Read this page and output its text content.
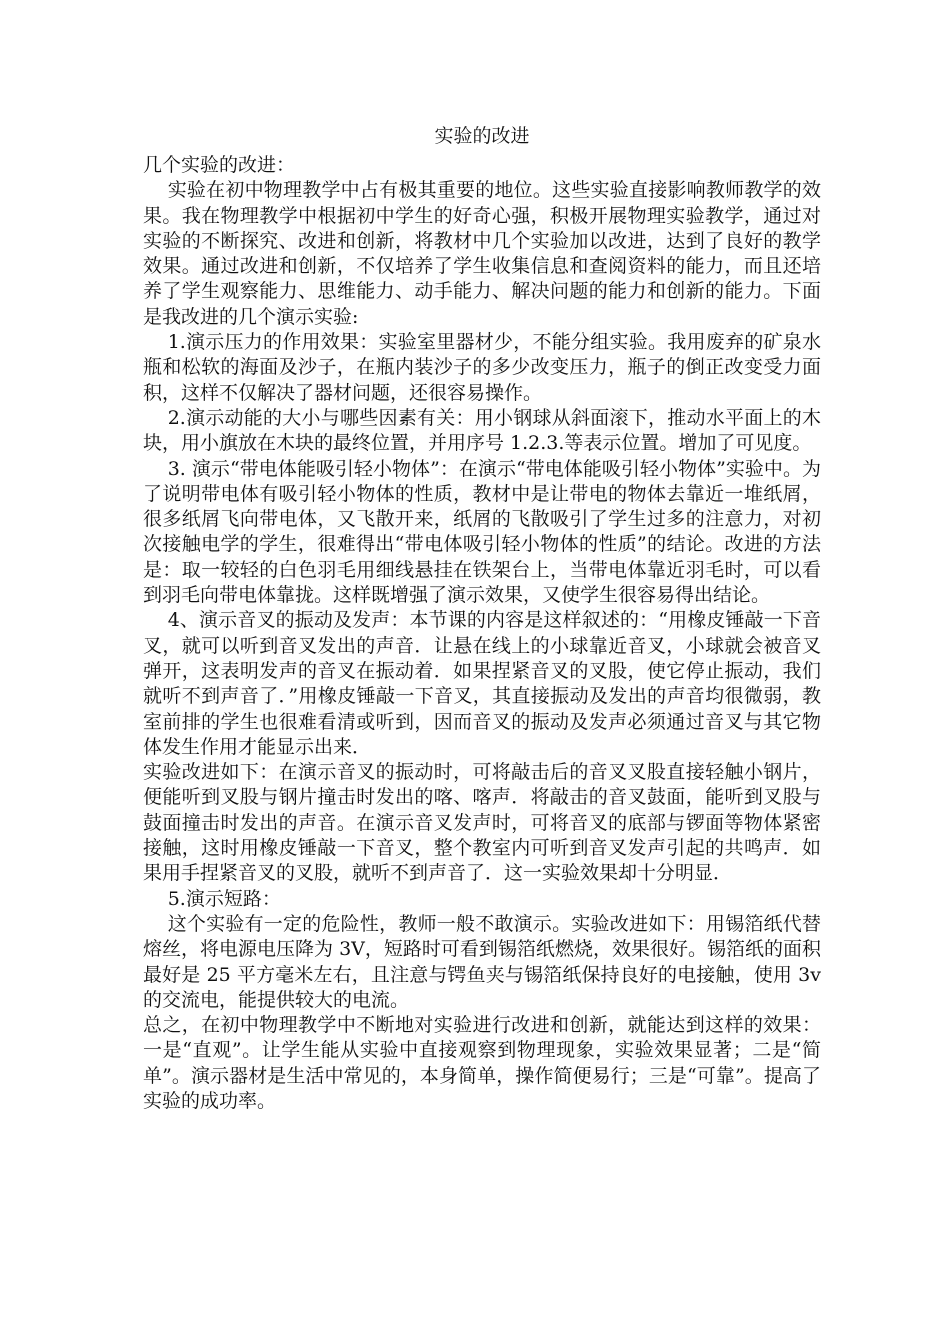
实验的改进

几个实验的改进：

实验在初中物理教学中占有极其重要的地位。这些实验直接影响教师教学的效果。我在物理教学中根据初中学生的好奇心强，积极开展物理实验教学，通过对实验的不断探究、改进和创新，将教材中几个实验加以改进，达到了良好的教学效果。通过改进和创新，不仅培养了学生收集信息和查阅资料的能力，而且还培养了学生观察能力、思维能力、动手能力、解决问题的能力和创新的能力。下面是我改进的几个演示实验:

1.演示压力的作用效果：实验室里器材少，不能分组实验。我用废弃的矿泉水瓶和松软的海面及沙子，在瓶内装沙子的多少改变压力，瓶子的倒正改变受力面积，这样不仅解决了器材问题，还很容易操作。

2.演示动能的大小与哪些因素有关：用小钢球从斜面滚下，推动水平面上的木块，用小旗放在木块的最终位置，并用序号 1.2.3.等表示位置。增加了可见度。

3. 演示“带电体能吸引轻小物体”：在演示“带电体能吸引轻小物体”实验中。为了说明带电体有吸引轻小物体的性质，教材中是让带电的物体去靠近一堆纸屑，很多纸屑飞向带电体，又飞散开来，纸屑的飞散吸引了学生过多的注意力，对初次接触电学的学生，很难得出“带电体吸引轻小物体的性质”的结论。改进的方法是：取一较轻的白色羽毛用细线悬挂在铁架台上，当带电体靠近羽毛时，可以看到羽毛向带电体靠拢。这样既增强了演示效果，又使学生很容易得出结论。

4、演示音叉的振动及发声：本节课的内容是这样叙述的：“用橡皮锤敲一下音叉，就可以听到音叉发出的声音．让悬在线上的小球靠近音叉，小球就会被音叉弹开，这表明发声的音叉在振动着．如果捏紧音叉的叉股，使它停止振动，我们就听不到声音了．”用橡皮锤敲一下音叉，其直接振动及发出的声音均很微弱，教室前排的学生也很难看清或听到，因而音叉的振动及发声必须通过音叉与其它物体发生作用才能显示出来．

实验改进如下：在演示音叉的振动时，可将敲击后的音叉叉股直接轻触小钢片，便能听到叉股与钢片撞击时发出的喀、喀声．将敲击的音叉鼓面，能听到叉股与鼓面撞击时发出的声音。在演示音叉发声时，可将音叉的底部与锣面等物体紧密接触，这时用橡皮锤敲一下音叉，整个教室内可听到音叉发声引起的共鸣声．如果用手捏紧音叉的叉股，就听不到声音了．这一实验效果却十分明显．

5.演示短路：

这个实验有一定的危险性，教师一般不敢演示。实验改进如下：用锡箔纸代替熔丝，将电源电压降为 3V，短路时可看到锡箔纸燃烧，效果很好。锡箔纸的面积最好是 25 平方毫米左右，且注意与锷鱼夹与锡箔纸保持良好的电接触，使用 3v 的交流电，能提供较大的电流。

总之，在初中物理教学中不断地对实验进行改进和创新，就能达到这样的效果：一是“直观”。让学生能从实验中直接观察到物理现象，实验效果显著；二是“简单”。演示器材是生活中常见的，本身简单，操作简便易行；三是“可靠”。提高了实验的成功率。
